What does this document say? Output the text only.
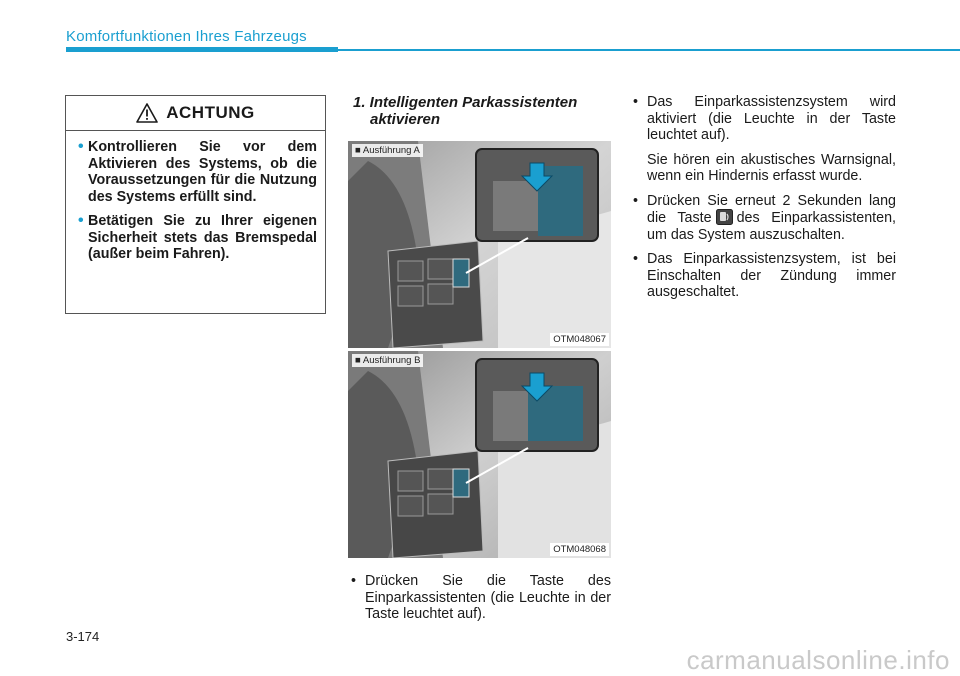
Komfortfunktionen Ihres Fahrzeugs
ACHTUNG
• Kontrollieren Sie vor dem Aktivieren des Systems, ob die Voraussetzungen für die Nutzung des Systems erfüllt sind.
• Betätigen Sie zu Ihrer eigenen Sicherheit stets das Bremspedal (außer beim Fahren).
1. Intelligenten Parkassistenten
aktivieren
■ Ausführung A
OTM048067
■ Ausführung B
OTM048068
• Drücken Sie die Taste des Einparkassistenten (die Leuchte in der Taste leuchtet auf).

• Das Einparkassistenzsystem wird aktiviert (die Leuchte in der Taste leuchtet auf).

Sie hören ein akustisches Warnsignal, wenn ein Hindernis erfasst wurde.

• Drücken Sie erneut 2 Sekunden lang die Taste des Einparkassistenten, um das System auszuschalten.

• Das Einparkassistenzsystem, ist bei Einschalten der Zündung immer ausgeschaltet.

3-174
carmanualsonline.info
